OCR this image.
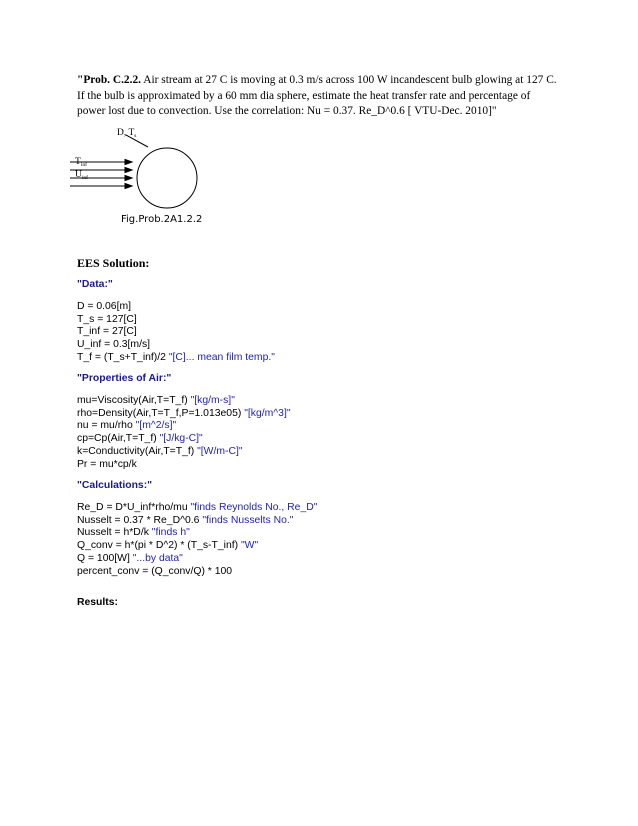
"Prob. C.2.2. Air stream at 27 C is moving at 0.3 m/s across 100 W incandescent bulb glowing at 127 C. If the bulb is approximated by a 60 mm dia sphere, estimate the heat transfer rate and percentage of power lost due to convection. Use the correlation: Nu = 0.37. Re_D^0.6 [ VTU-Dec. 2010]"

D, $T_s$
$T_{inf}$
$U_{inf}$
Fig.Prob.2A1.2.2

EES Solution:

"Data:"
D = 0.06[m]
T_s = 127[C]
T_inf = 27[C]
U_inf = 0.3[m/s]
T_f = (T_s+T_inf)/2 "[C]... mean film temp."
"Properties of Air:"
mu=Viscosity(Air,T=T_f) "[kg/m-s]"
rho=Density(Air,T=T_f,P=1.013e05) "[kg/m^3]"
nu = mu/rho "[m^2/s]"
cp=Cp(Air,T=T_f) "[J/kg-C]"
k=Conductivity(Air,T=T_f) "[W/m-C]"
Pr = mu*cp/k
"Calculations:"
Re_D = D*U_inf*rho/mu "finds Reynolds No., Re_D"
Nusselt = 0.37 * Re_D^0.6 "finds Nusselts No."
Nusselt = h*D/k "finds h"
Q_conv = h*(pi * D^2) * (T_s-T_inf) "W"
Q = 100[W] "...by data"
percent_conv = (Q_conv/Q) * 100
Results:
